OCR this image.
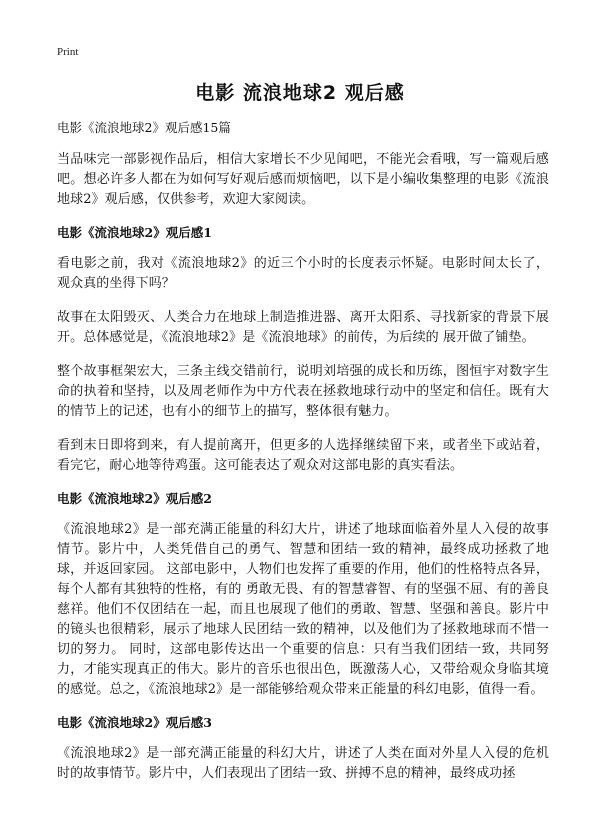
Print
电影 流浪地球2 观后感
电影《流浪地球2》观后感15篇

当品味完一部影视作品后，相信大家增长不少见闻吧，不能光会看哦，写一篇观后感吧。想必许多人都在为如何写好观后感而烦恼吧，以下是小编收集整理的电影《流浪地球2》观后感，仅供参考，欢迎大家阅读。

电影《流浪地球2》观后感1

看电影之前，我对《流浪地球2》的近三个小时的长度表示怀疑。电影时间太长了，观众真的坐得下吗？

故事在太阳毁灭、人类合力在地球上制造推进器、离开太阳系、寻找新家的背景下展开。总体感觉是，《流浪地球2》是《流浪地球》的前传，为后续的 展开做了铺垫。

整个故事框架宏大，三条主线交错前行，说明刘培强的成长和历练，图恒宇对数字生命的执着和坚持，以及周老师作为中方代表在拯救地球行动中的坚定和信任。既有大的情节上的记述，也有小的细节上的描写，整体很有魅力。

看到末日即将到来，有人提前离开，但更多的人选择继续留下来，或者坐下或站着，看完它，耐心地等待鸡蛋。这可能表达了观众对这部电影的真实看法。

电影《流浪地球2》观后感2

《流浪地球2》是一部充满正能量的科幻大片，讲述了地球面临着外星人入侵的故事情节。影片中，人类凭借自己的勇气、智慧和团结一致的精神，最终成功拯救了地球，并返回家园。 这部电影中，人物们也发挥了重要的作用，他们的性格特点各异，每个人都有其独特的性格，有的 勇敢无畏、有的智慧睿智、有的坚强不屈、有的善良慈祥。他们不仅团结在一起，而且也展现了他们的勇敢、智慧、坚强和善良。影片中的镜头也很精彩，展示了地球人民团结一致的精神，以及他们为了拯救地球而不惜一切的努力。 同时，这部电影传达出一个重要的信息：只有当我们团结一致，共同努力，才能实现真正的伟大。影片的音乐也很出色，既激荡人心，又带给观众身临其境的感觉。总之，《流浪地球2》是一部能够给观众带来正能量的科幻电影，值得一看。

电影《流浪地球2》观后感3

《流浪地球2》是一部充满正能量的科幻大片，讲述了人类在面对外星人入侵的危机时的故事情节。影片中，人们表现出了团结一致、拼搏不息的精神，最终成功拯
